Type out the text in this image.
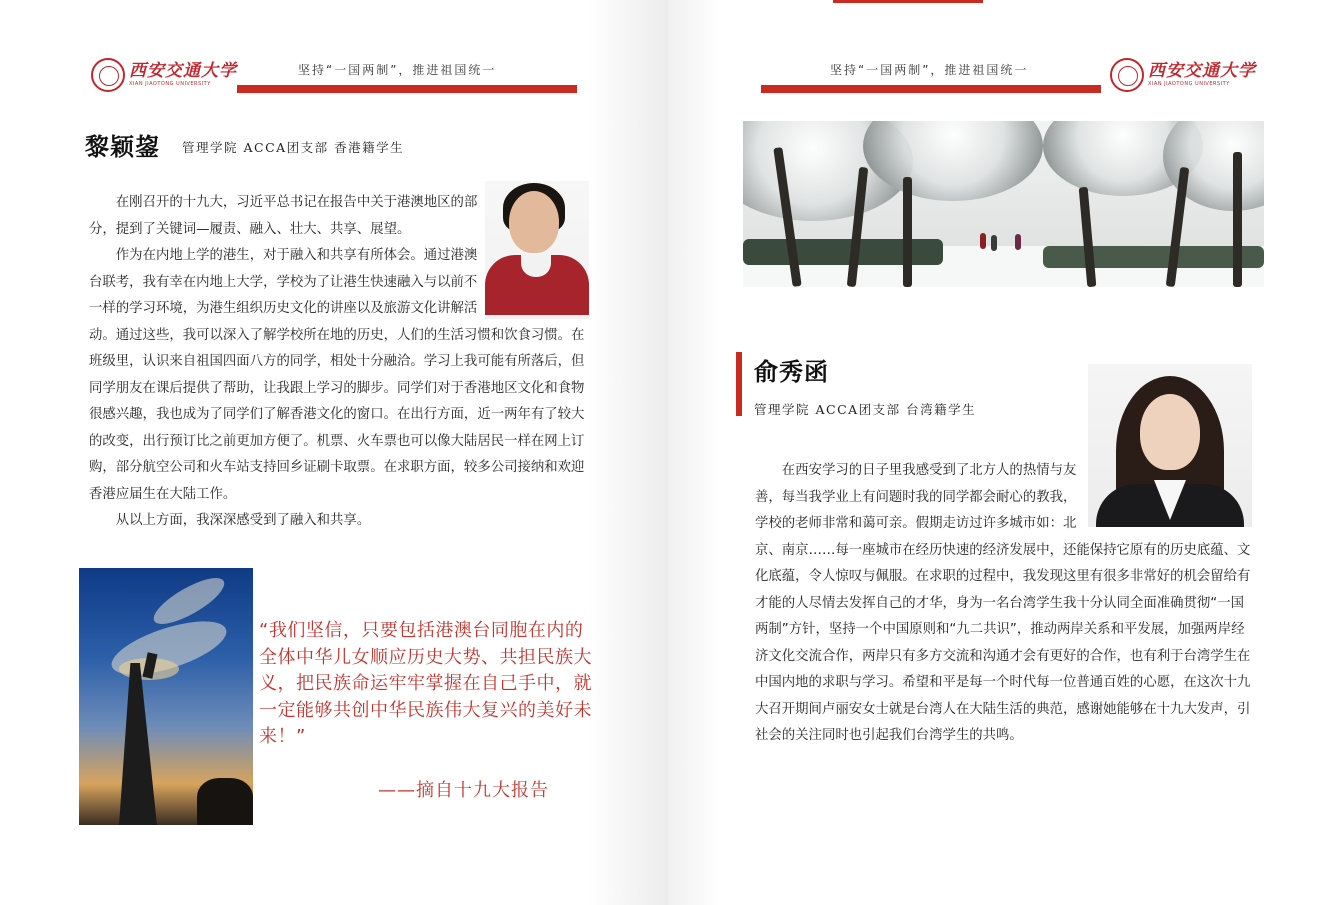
西安交通大学
XIAN JIAOTONG UNIVERSITY
坚持“一国两制”，推进祖国统一
黎颖鋆 管理学院 ACCA团支部 香港籍学生

在刚召开的十九大，习近平总书记在报告中关于港澳地区的部分，提到了关键词—履责、融入、壮大、共享、展望。

作为在内地上学的港生，对于融入和共享有所体会。通过港澳台联考，我有幸在内地上大学，学校为了让港生快速融入与以前不一样的学习环境，为港生组织历史文化的讲座以及旅游文化讲解活动。通过这些，我可以深入了解学校所在地的历史，人们的生活习惯和饮食习惯。在班级里，认识来自祖国四面八方的同学，相处十分融洽。学习上我可能有所落后，但同学朋友在课后提供了帮助，让我跟上学习的脚步。同学们对于香港地区文化和食物很感兴趣，我也成为了同学们了解香港文化的窗口。在出行方面，近一两年有了较大的改变，出行预订比之前更加方便了。机票、火车票也可以像大陆居民一样在网上订购，部分航空公司和火车站支持回乡证刷卡取票。在求职方面，较多公司接纳和欢迎香港应届生在大陆工作。

从以上方面，我深深感受到了融入和共享。

“我们坚信，只要包括港澳台同胞在内的全体中华儿女顺应历史大势、共担民族大义，把民族命运牢牢掌握在自己手中，就一定能够共创中华民族伟大复兴的美好未来！”
——摘自十九大报告
坚持“一国两制”，推进祖国统一	西安交通大学
XIAN JIAOTONG UNIVERSITY
俞秀函
管理学院 ACCA团支部 台湾籍学生

在西安学习的日子里我感受到了北方人的热情与友善，每当我学业上有问题时我的同学都会耐心的教我，学校的老师非常和蔼可亲。假期走访过许多城市如：北京、南京……每一座城市在经历快速的经济发展中，还能保持它原有的历史底蕴、文化底蕴，令人惊叹与佩服。在求职的过程中，我发现这里有很多非常好的机会留给有才能的人尽情去发挥自己的才华，身为一名台湾学生我十分认同全面准确贯彻“一国两制”方针，坚持一个中国原则和“九二共识”，推动两岸关系和平发展，加强两岸经济文化交流合作，两岸只有多方交流和沟通才会有更好的合作，也有利于台湾学生在中国内地的求职与学习。希望和平是每一个时代每一位普通百姓的心愿，在这次十九大召开期间卢丽安女士就是台湾人在大陆生活的典范，感谢她能够在十九大发声，引社会的关注同时也引起我们台湾学生的共鸣。
